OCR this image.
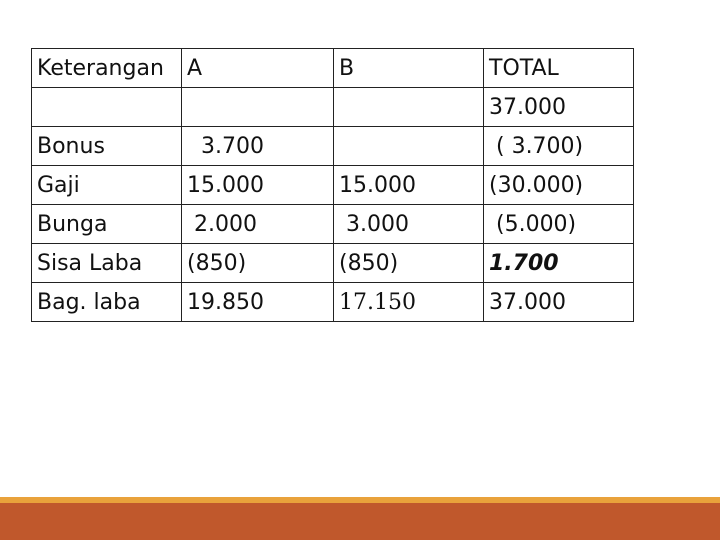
Keterangan	A	B	TOTAL
			37.000
Bonus	3.700		( 3.700)
Gaji	15.000	15.000	(30.000)
Bunga	2.000	3.000	(5.000)
Sisa Laba	(850)	(850)	1.700
Bag. laba	19.850	17.150	37.000
